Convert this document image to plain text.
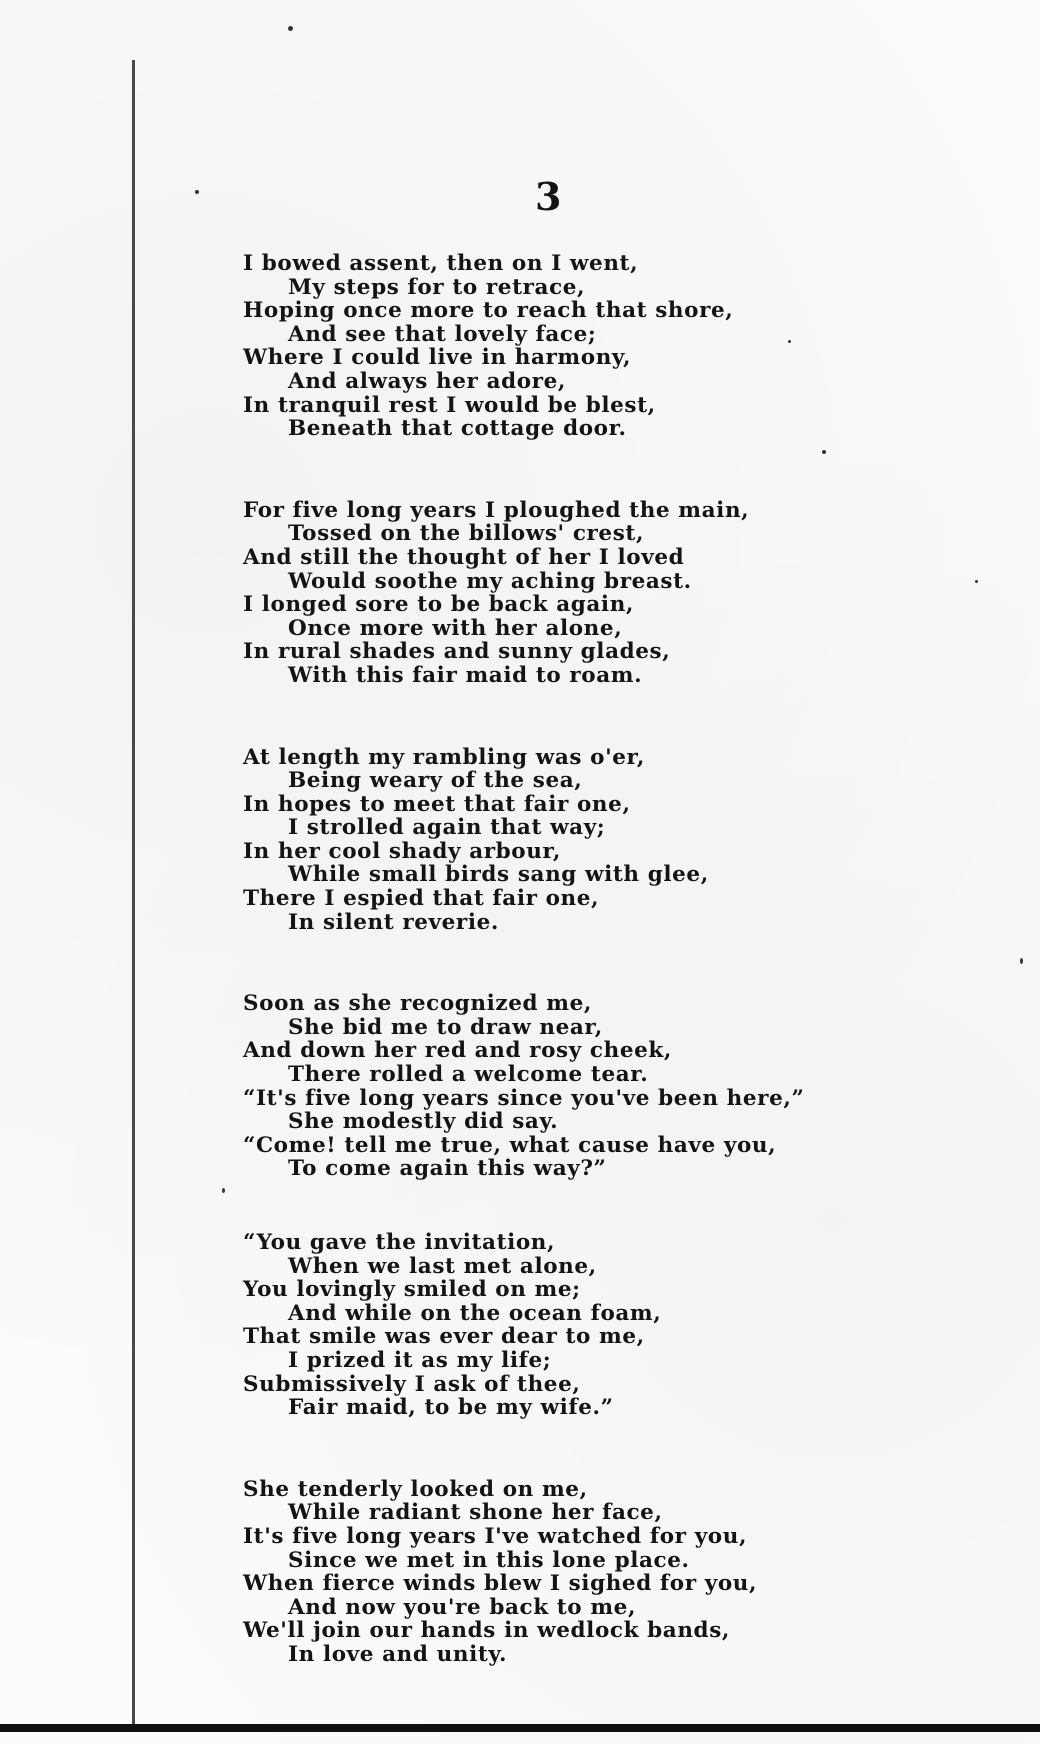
3
I bowed assent, then on I went,
My steps for to retrace,
Hoping once more to reach that shore,
And see that lovely face;
Where I could live in harmony,
And always her adore,
In tranquil rest I would be blest,
Beneath that cottage door.
For five long years I ploughed the main,
Tossed on the billows' crest,
And still the thought of her I loved
Would soothe my aching breast.
I longed sore to be back again,
Once more with her alone,
In rural shades and sunny glades,
With this fair maid to roam.
At length my rambling was o'er,
Being weary of the sea,
In hopes to meet that fair one,
I strolled again that way;
In her cool shady arbour,
While small birds sang with glee,
There I espied that fair one,
In silent reverie.
Soon as she recognized me,
She bid me to draw near,
And down her red and rosy cheek,
There rolled a welcome tear.
“It's five long years since you've been here,”
She modestly did say.
“Come! tell me true, what cause have you,
To come again this way?”
“You gave the invitation,
When we last met alone,
You lovingly smiled on me;
And while on the ocean foam,
That smile was ever dear to me,
I prized it as my life;
Submissively I ask of thee,
Fair maid, to be my wife.”
She tenderly looked on me,
While radiant shone her face,
It's five long years I've watched for you,
Since we met in this lone place.
When fierce winds blew I sighed for you,
And now you're back to me,
We'll join our hands in wedlock bands,
In love and unity.
